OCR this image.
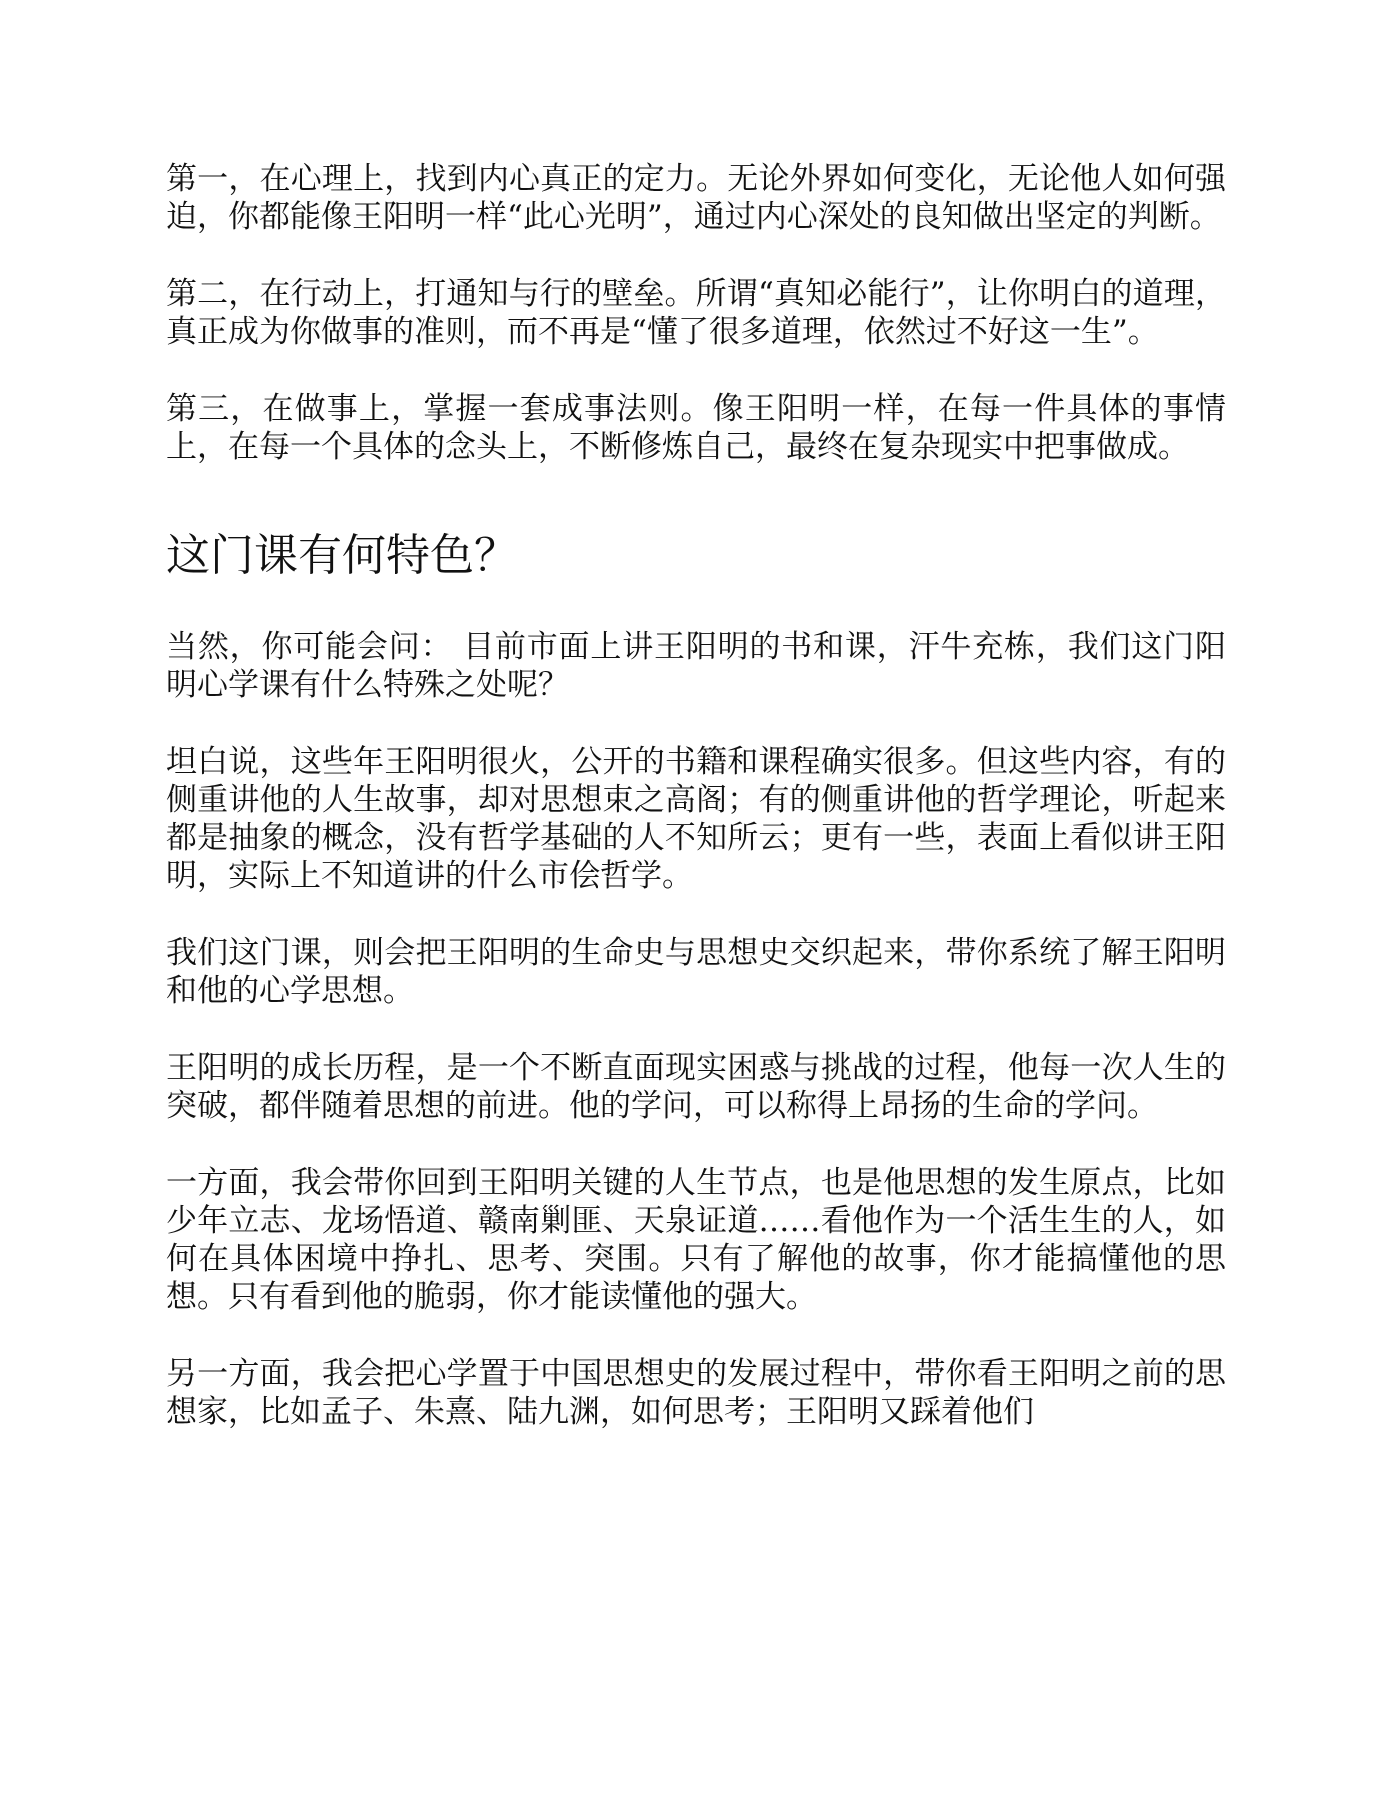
第一，在心理上，找到内心真正的定力。无论外界如何变化，无论他人如何强迫，你都能像王阳明一样“此心光明”，通过内心深处的良知做出坚定的判断。

第二，在行动上，打通知与行的壁垒。所谓“真知必能行”，让你明白的道理，真正成为你做事的准则，而不再是“懂了很多道理，依然过不好这一生”。

第三，在做事上，掌握一套成事法则。像王阳明一样，在每一件具体的事情上，在每一个具体的念头上，不断修炼自己，最终在复杂现实中把事做成。

这门课有何特色？

当然，你可能会问： 目前市面上讲王阳明的书和课，汗牛充栋，我们这门阳明心学课有什么特殊之处呢？

坦白说，这些年王阳明很火，公开的书籍和课程确实很多。但这些内容，有的侧重讲他的人生故事，却对思想束之高阁；有的侧重讲他的哲学理论，听起来都是抽象的概念，没有哲学基础的人不知所云；更有一些，表面上看似讲王阳明，实际上不知道讲的什么市侩哲学。

我们这门课，则会把王阳明的生命史与思想史交织起来，带你系统了解王阳明和他的心学思想。

王阳明的成长历程，是一个不断直面现实困惑与挑战的过程，他每一次人生的突破，都伴随着思想的前进。他的学问，可以称得上昂扬的生命的学问。

一方面，我会带你回到王阳明关键的人生节点，也是他思想的发生原点，比如少年立志、龙场悟道、赣南剿匪、天泉证道……看他作为一个活生生的人，如何在具体困境中挣扎、思考、突围。只有了解他的故事，你才能搞懂他的思想。只有看到他的脆弱，你才能读懂他的强大。

另一方面，我会把心学置于中国思想史的发展过程中，带你看王阳明之前的思想家，比如孟子、朱熹、陆九渊，如何思考；王阳明又踩着他们
